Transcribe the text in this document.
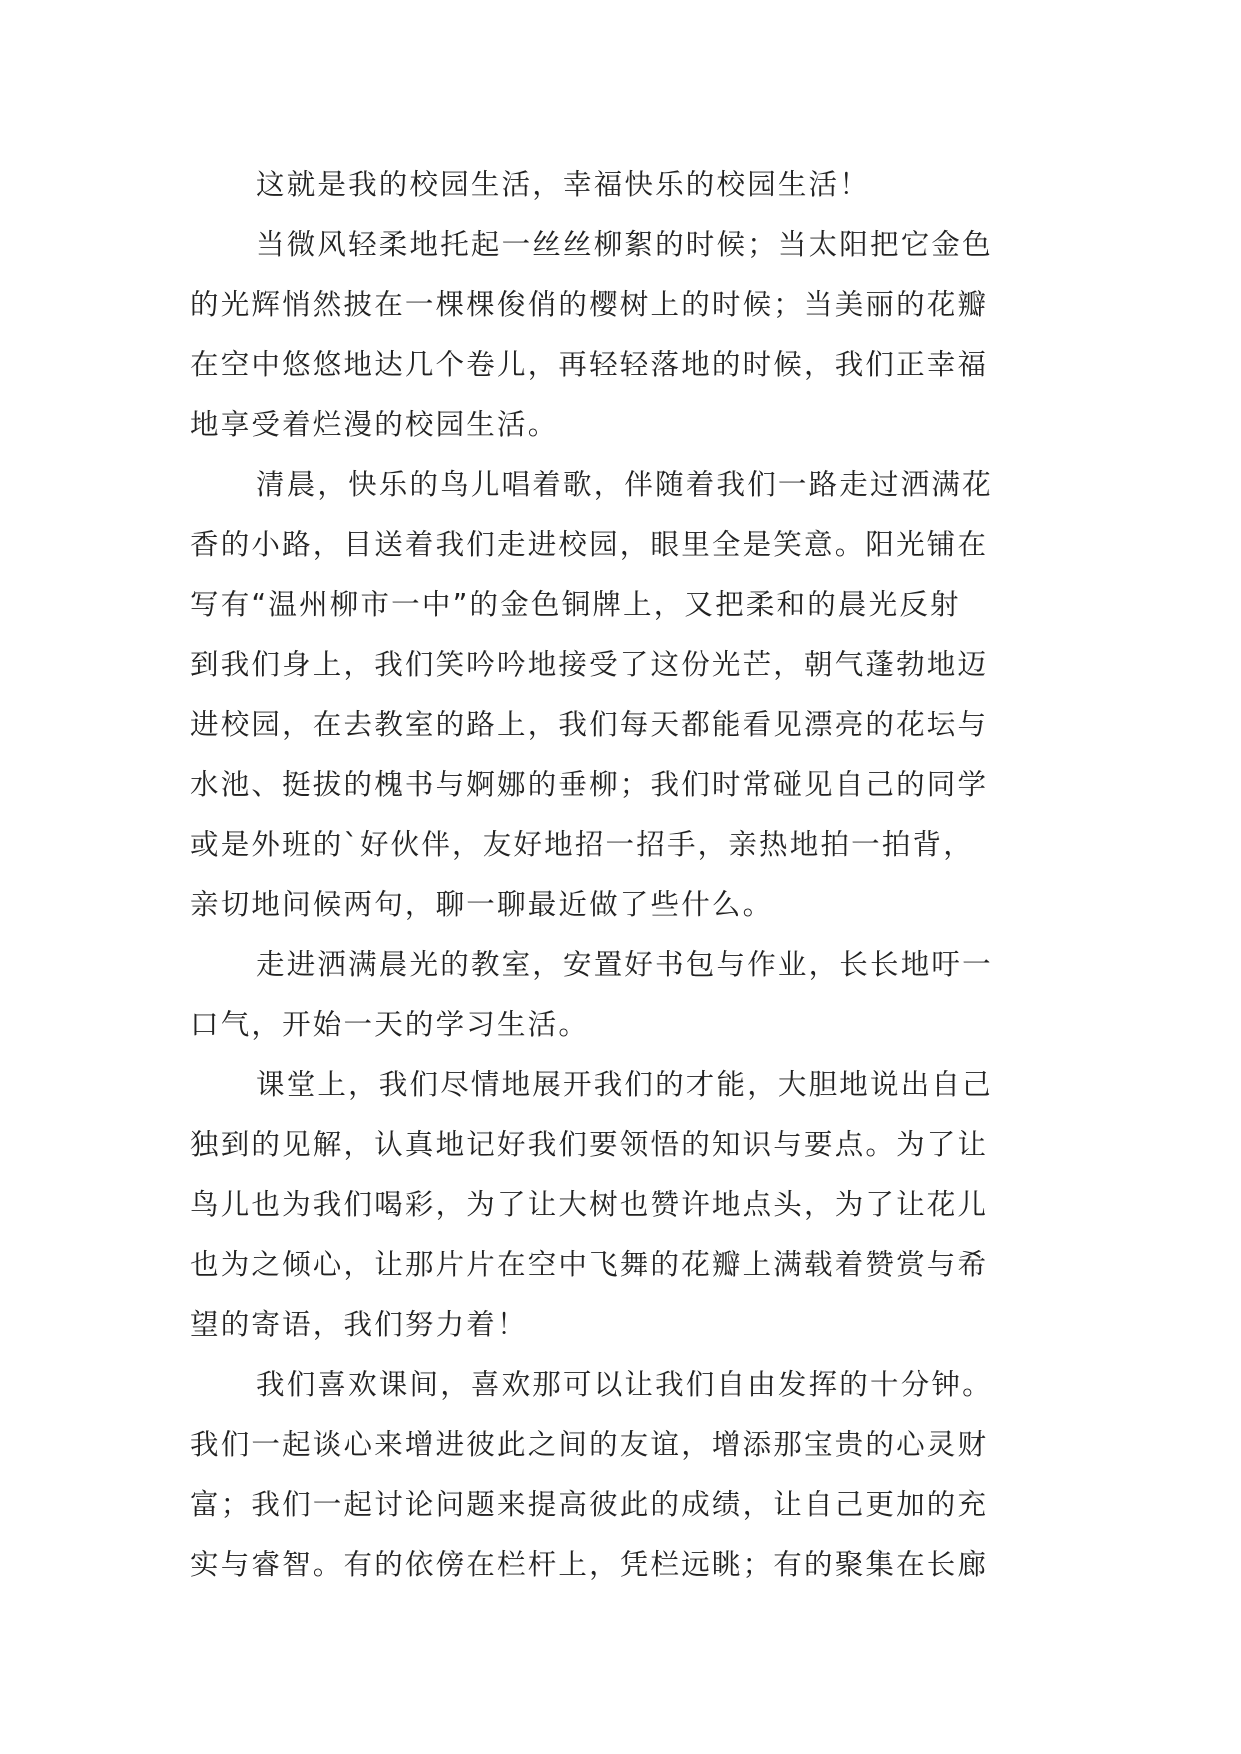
这就是我的校园生活，幸福快乐的校园生活！
当微风轻柔地托起一丝丝柳絮的时候；当太阳把它金色
的光辉悄然披在一棵棵俊俏的樱树上的时候；当美丽的花瓣
在空中悠悠地达几个卷儿，再轻轻落地的时候，我们正幸福
地享受着烂漫的校园生活。
清晨，快乐的鸟儿唱着歌，伴随着我们一路走过洒满花
香的小路，目送着我们走进校园，眼里全是笑意。阳光铺在
写有“温州柳市一中”的金色铜牌上，又把柔和的晨光反射
到我们身上，我们笑吟吟地接受了这份光芒，朝气蓬勃地迈
进校园，在去教室的路上，我们每天都能看见漂亮的花坛与
水池、挺拔的槐书与婀娜的垂柳；我们时常碰见自己的同学
或是外班的`好伙伴，友好地招一招手，亲热地拍一拍背，
亲切地问候两句，聊一聊最近做了些什么。
走进洒满晨光的教室，安置好书包与作业，长长地吁一
口气，开始一天的学习生活。
课堂上，我们尽情地展开我们的才能，大胆地说出自己
独到的见解，认真地记好我们要领悟的知识与要点。为了让
鸟儿也为我们喝彩，为了让大树也赞许地点头，为了让花儿
也为之倾心，让那片片在空中飞舞的花瓣上满载着赞赏与希
望的寄语，我们努力着！
我们喜欢课间，喜欢那可以让我们自由发挥的十分钟。
我们一起谈心来增进彼此之间的友谊，增添那宝贵的心灵财
富；我们一起讨论问题来提高彼此的成绩，让自己更加的充
实与睿智。有的依傍在栏杆上，凭栏远眺；有的聚集在长廊
